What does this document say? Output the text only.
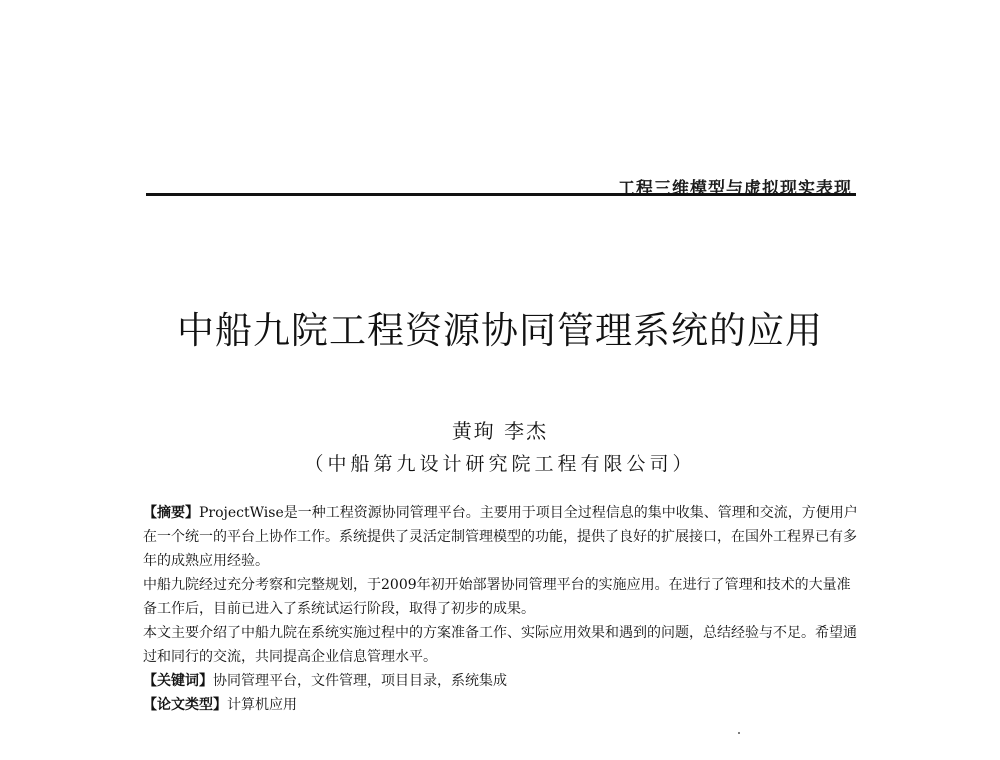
工程三维模型与虚拟现实表现
中船九院工程资源协同管理系统的应用
黄珣 李杰
（中船第九设计研究院工程有限公司）

【摘要】ProjectWise是一种工程资源协同管理平台。主要用于项目全过程信息的集中收集、管理和交流，方便用户在一个统一的平台上协作工作。系统提供了灵活定制管理模型的功能，提供了良好的扩展接口，在国外工程界已有多年的成熟应用经验。

中船九院经过充分考察和完整规划，于2009年初开始部署协同管理平台的实施应用。在进行了管理和技术的大量准备工作后，目前已进入了系统试运行阶段，取得了初步的成果。

本文主要介绍了中船九院在系统实施过程中的方案准备工作、实际应用效果和遇到的问题，总结经验与不足。希望通过和同行的交流，共同提高企业信息管理水平。

【关键词】协同管理平台，文件管理，项目目录，系统集成

【论文类型】计算机应用
